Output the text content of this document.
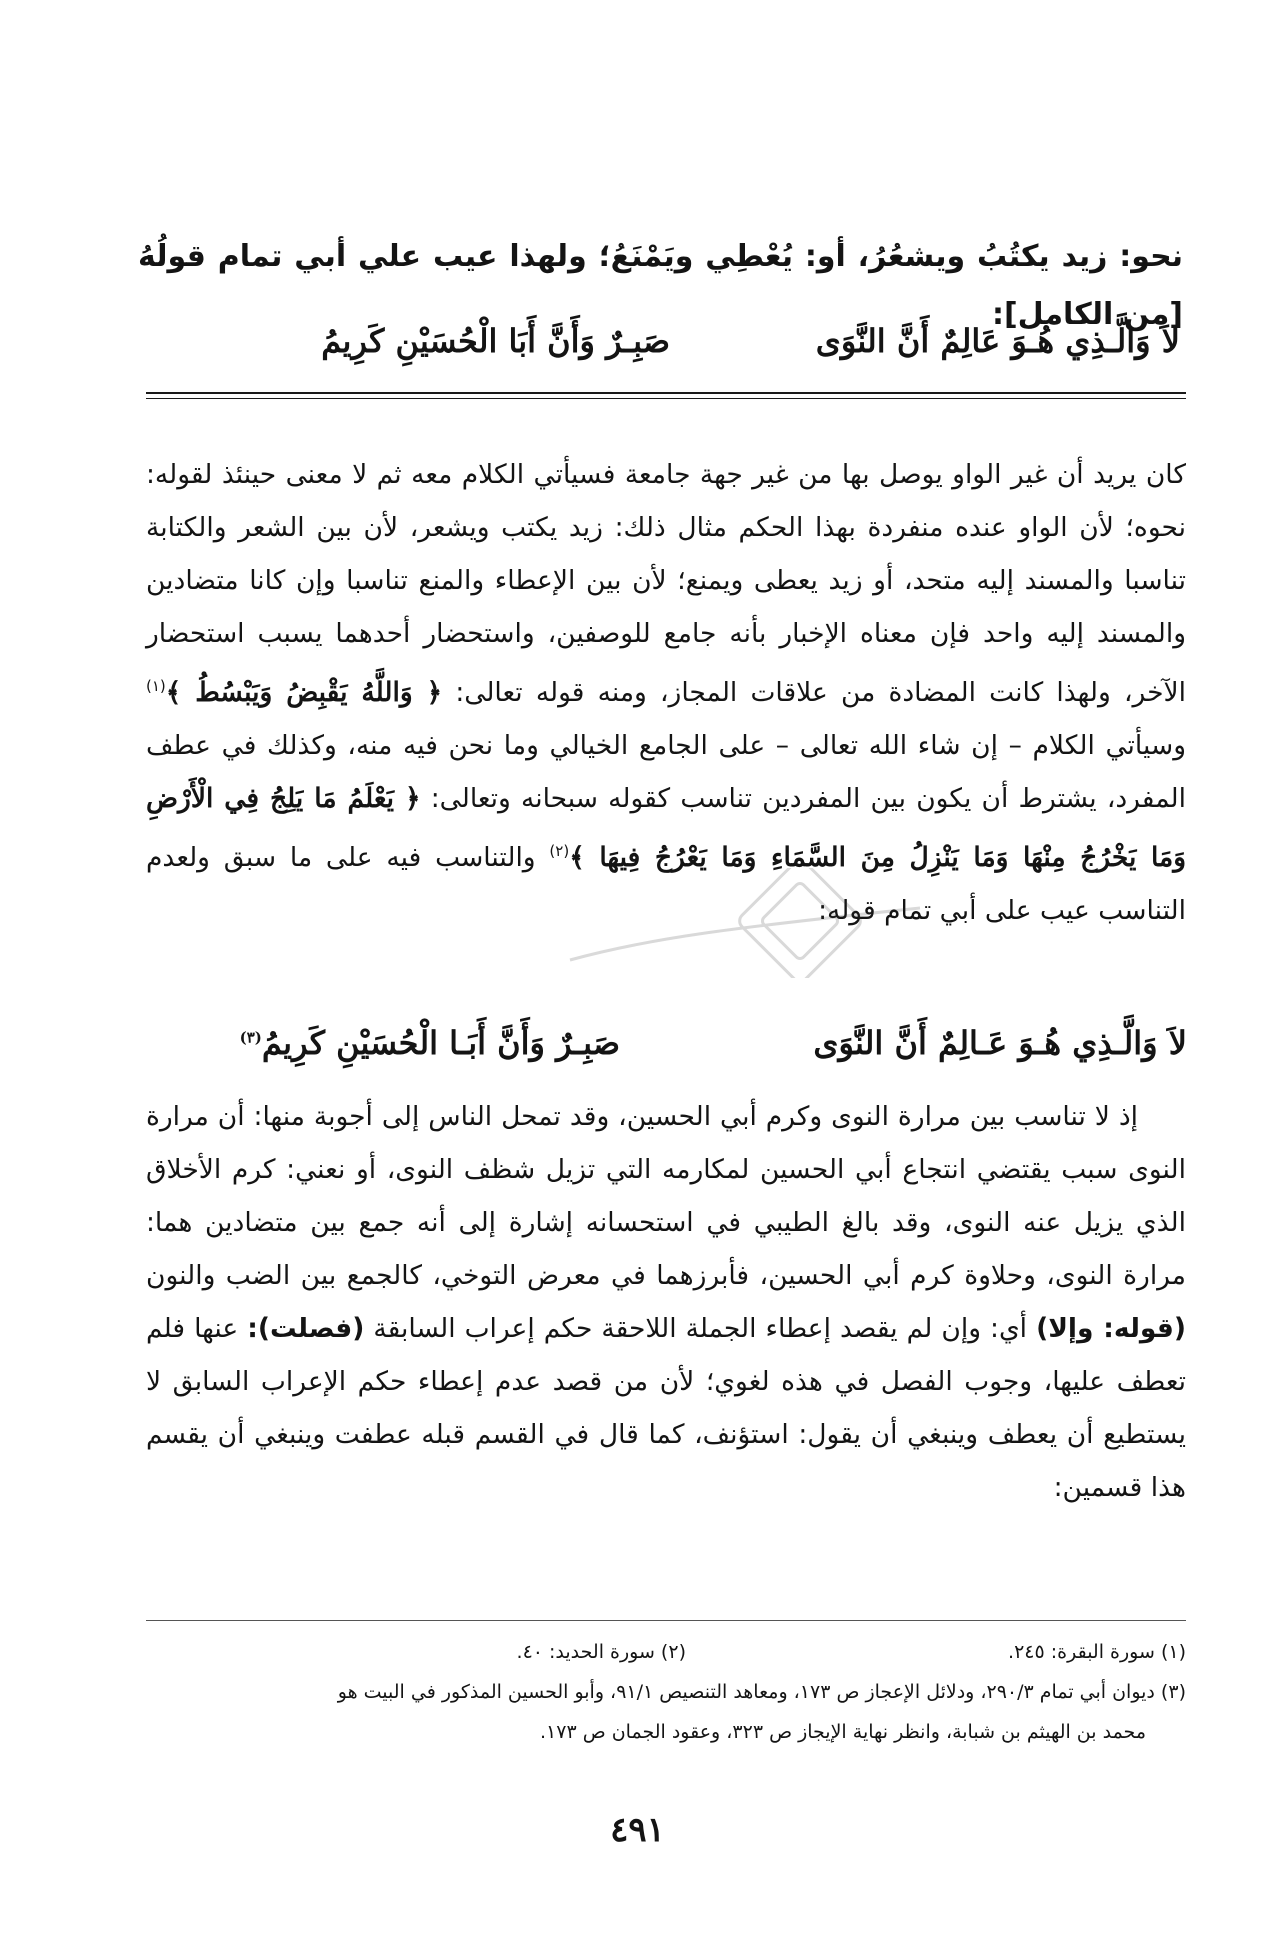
نحو: زيد يكتُبُ ويشعُرُ، أو: يُعْطِي ويَمْنَعُ؛ ولهذا عيب علي أبي تمام قولُهُ [من الكامل]:
لاَ وَالَّـذِي هُـوَ عَالِمٌ أَنَّ النَّوَى
صَبِـرٌ وَأَنَّ أَبَا الْحُسَيْنِ كَرِيمُ

كان يريد أن غير الواو يوصل بها من غير جهة جامعة فسيأتي الكلام معه ثم لا معنى حينئذ لقوله: نحوه؛ لأن الواو عنده منفردة بهذا الحكم مثال ذلك: زيد يكتب ويشعر، لأن بين الشعر والكتابة تناسبا والمسند إليه متحد، أو زيد يعطى ويمنع؛ لأن بين الإعطاء والمنع تناسبا وإن كانا متضادين والمسند إليه واحد فإن معناه الإخبار بأنه جامع للوصفين، واستحضار أحدهما يسبب استحضار الآخر، ولهذا كانت المضادة من علاقات المجاز، ومنه قوله تعالى: ﴿ وَاللَّهُ يَقْبِضُ وَيَبْسُطُ ﴾$^{(١)}$ وسيأتي الكلام – إن شاء الله تعالى – على الجامع الخيالي وما نحن فيه منه، وكذلك في عطف المفرد، يشترط أن يكون بين المفردين تناسب كقوله سبحانه وتعالى: ﴿ يَعْلَمُ مَا يَلِجُ فِي الْأَرْضِ وَمَا يَخْرُجُ مِنْهَا وَمَا يَنْزِلُ مِنَ السَّمَاءِ وَمَا يَعْرُجُ فِيهَا ﴾$^{(٢)}$ والتناسب فيه على ما سبق ولعدم التناسب عيب على أبي تمام قوله:

لاَ وَالَّـذِي هُـوَ عَـالِمٌ أَنَّ النَّوَى
صَبِـرٌ وَأَنَّ أَبَـا الْحُسَيْنِ كَرِيمُ$^{(٣)}$

إذ لا تناسب بين مرارة النوى وكرم أبي الحسين، وقد تمحل الناس إلى أجوبة منها: أن مرارة النوى سبب يقتضي انتجاع أبي الحسين لمكارمه التي تزيل شظف النوى، أو نعني: كرم الأخلاق الذي يزيل عنه النوى، وقد بالغ الطيبي في استحسانه إشارة إلى أنه جمع بين متضادين هما: مرارة النوى، وحلاوة كرم أبي الحسين، فأبرزهما في معرض التوخي، كالجمع بين الضب والنون (قوله: وإلا) أي: وإن لم يقصد إعطاء الجملة اللاحقة حكم إعراب السابقة (فصلت): عنها فلم تعطف عليها، وجوب الفصل في هذه لغوي؛ لأن من قصد عدم إعطاء حكم الإعراب السابق لا يستطيع أن يعطف وينبغي أن يقول: استؤنف، كما قال في القسم قبله عطفت وينبغي أن يقسم هذا قسمين:

(١) سورة البقرة: ٢٤٥.
(٢) سورة الحديد: ٤٠.
(٣) ديوان أبي تمام ٢٩٠/٣، ودلائل الإعجاز ص ١٧٣، ومعاهد التنصيص ٩١/١، وأبو الحسين المذكور في البيت هو
محمد بن الهيثم بن شبابة، وانظر نهاية الإيجاز ص ٣٢٣، وعقود الجمان ص ١٧٣.
٤٩١
